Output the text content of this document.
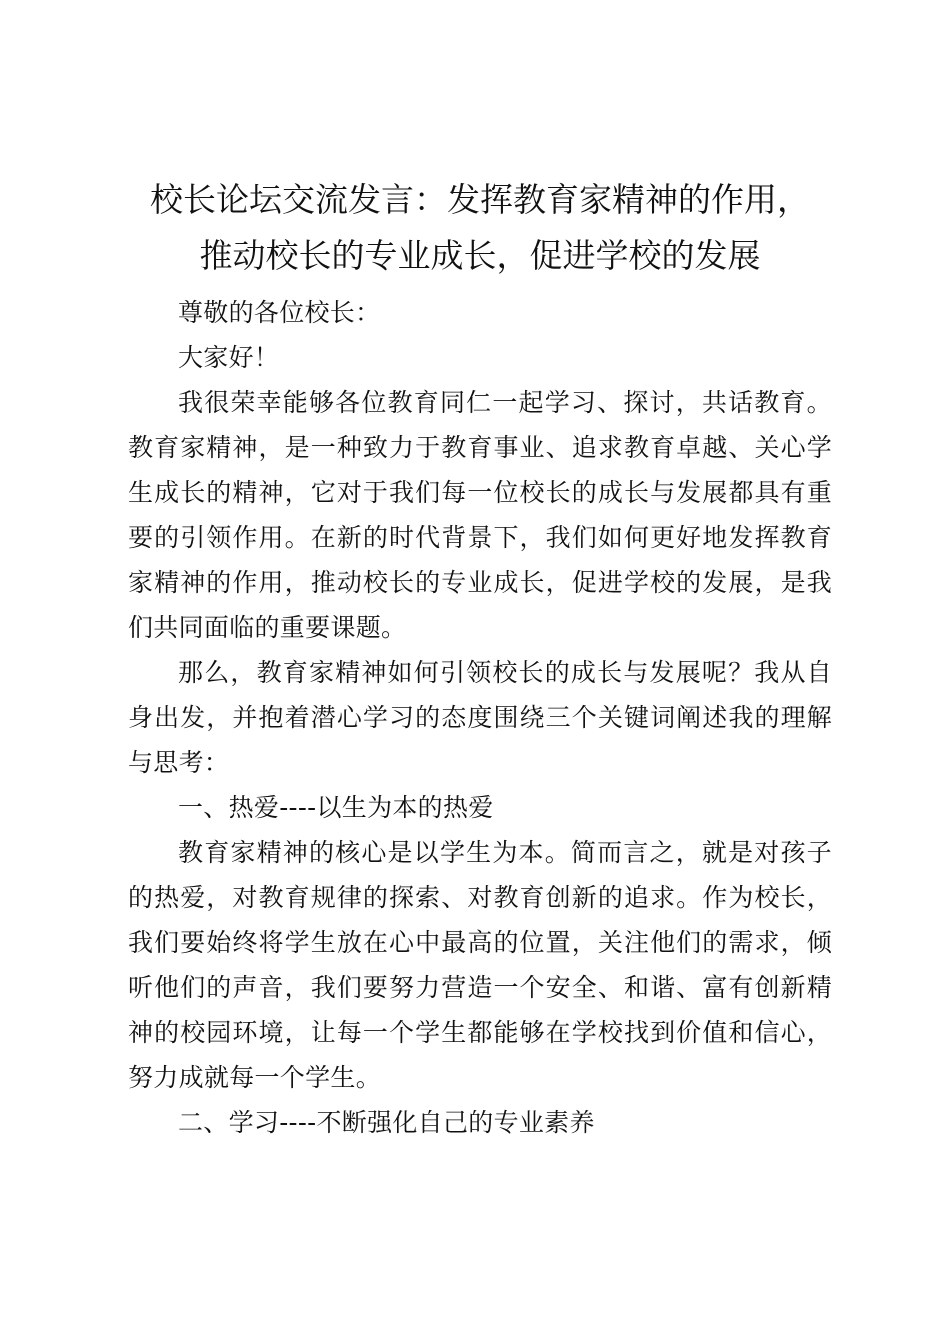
校长论坛交流发言：发挥教育家精神的作用，
推动校长的专业成长，促进学校的发展

尊敬的各位校长：

大家好！

我很荣幸能够各位教育同仁一起学习、探讨，共话教育。教育家精神，是一种致力于教育事业、追求教育卓越、关心学生成长的精神，它对于我们每一位校长的成长与发展都具有重要的引领作用。在新的时代背景下，我们如何更好地发挥教育家精神的作用，推动校长的专业成长，促进学校的发展，是我们共同面临的重要课题。

那么，教育家精神如何引领校长的成长与发展呢？我从自身出发，并抱着潜心学习的态度围绕三个关键词阐述我的理解与思考：

一、热爱----以生为本的热爱

教育家精神的核心是以学生为本。简而言之，就是对孩子的热爱，对教育规律的探索、对教育创新的追求。作为校长，我们要始终将学生放在心中最高的位置，关注他们的需求，倾听他们的声音，我们要努力营造一个安全、和谐、富有创新精神的校园环境，让每一个学生都能够在学校找到价值和信心，努力成就每一个学生。

二、学习----不断强化自己的专业素养
